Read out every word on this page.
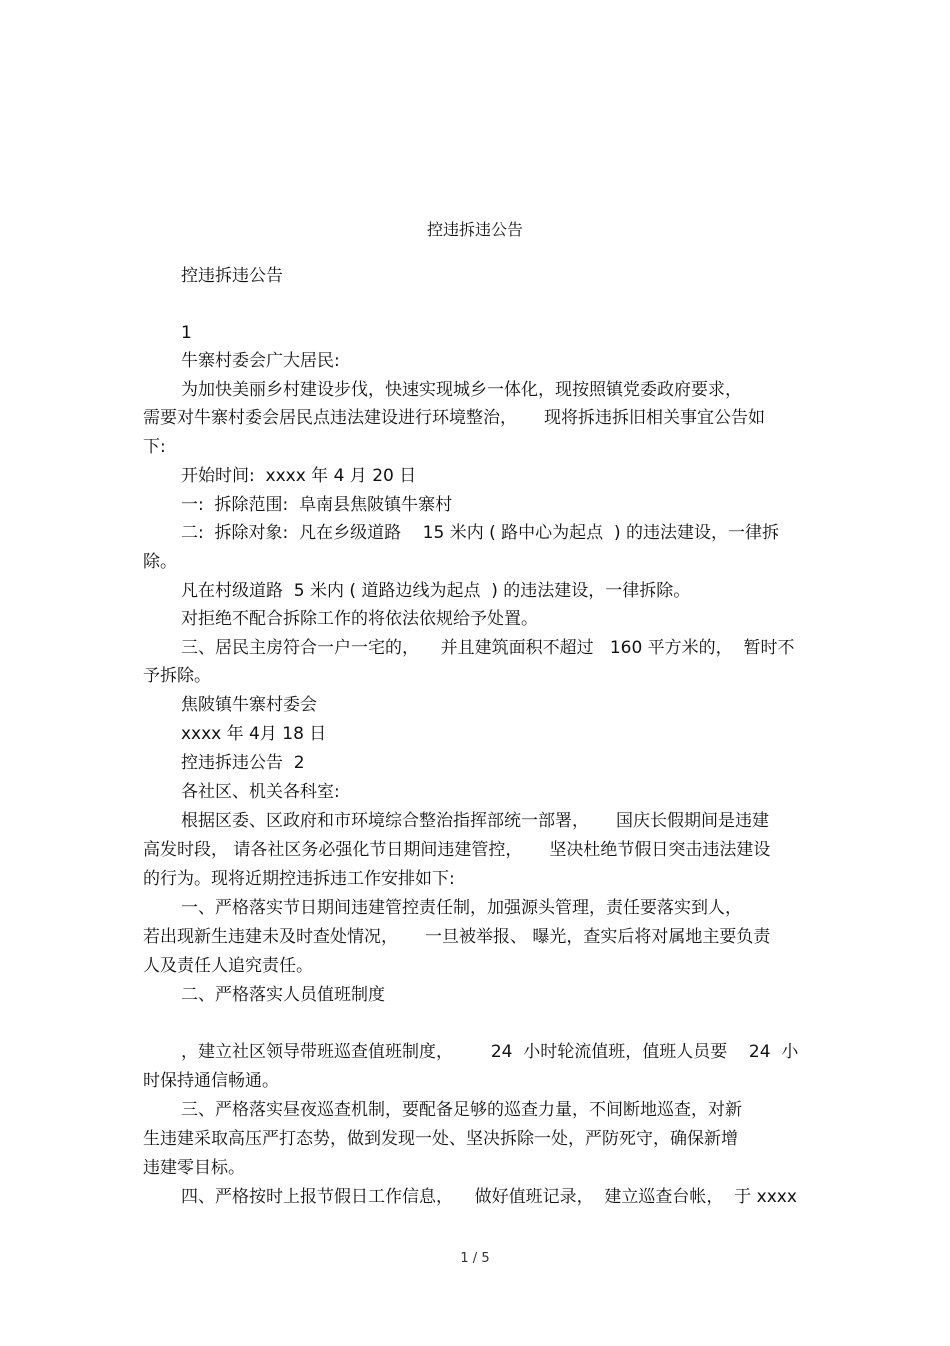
控违拆违公告
控违拆违公告
1
牛寨村委会广大居民:
为加快美丽乡村建设步伐，快速实现城乡一体化，现按照镇党委政府要求，
需要对牛寨村委会居民点违法建设进行环境整治，     现将拆违拆旧相关事宜公告如
下:
开始时间:  xxxx 年 4 月 20 日
一:  拆除范围:  阜南县焦陂镇牛寨村
二:  拆除对象:  凡在乡级道路    15 米内 ( 路中心为起点  ) 的违法建设，一律拆
除。
凡在村级道路  5 米内 ( 道路边线为起点  ) 的违法建设，一律拆除。
对拒绝不配合拆除工作的将依法依规给予处置。
三、居民主房符合一户一宅的，    并且建筑面积不超过   160 平方米的，  暂时不
予拆除。
焦陂镇牛寨村委会
xxxx 年 4月 18 日
控违拆违公告  2
各社区、机关各科室:
根据区委、区政府和市环境综合整治指挥部统一部署，     国庆长假期间是违建
高发时段， 请各社区务必强化节日期间违建管控，     坚决杜绝节假日突击违法建设
的行为。现将近期控违拆违工作安排如下:
一、严格落实节日期间违建管控责任制，加强源头管理，责任要落实到人，
若出现新生违建未及时查处情况，     一旦被举报、 曝光，查实后将对属地主要负责
人及责任人追究责任。
二、严格落实人员值班制度
，建立社区领导带班巡查值班制度，       24  小时轮流值班，值班人员要    24  小
时保持通信畅通。
三、严格落实昼夜巡查机制，要配备足够的巡查力量，不间断地巡查，对新
生违建采取高压严打态势，做到发现一处、坚决拆除一处，严防死守，确保新增
违建零目标。
四、严格按时上报节假日工作信息，    做好值班记录，  建立巡查台帐，  于 xxxx
1 / 5
